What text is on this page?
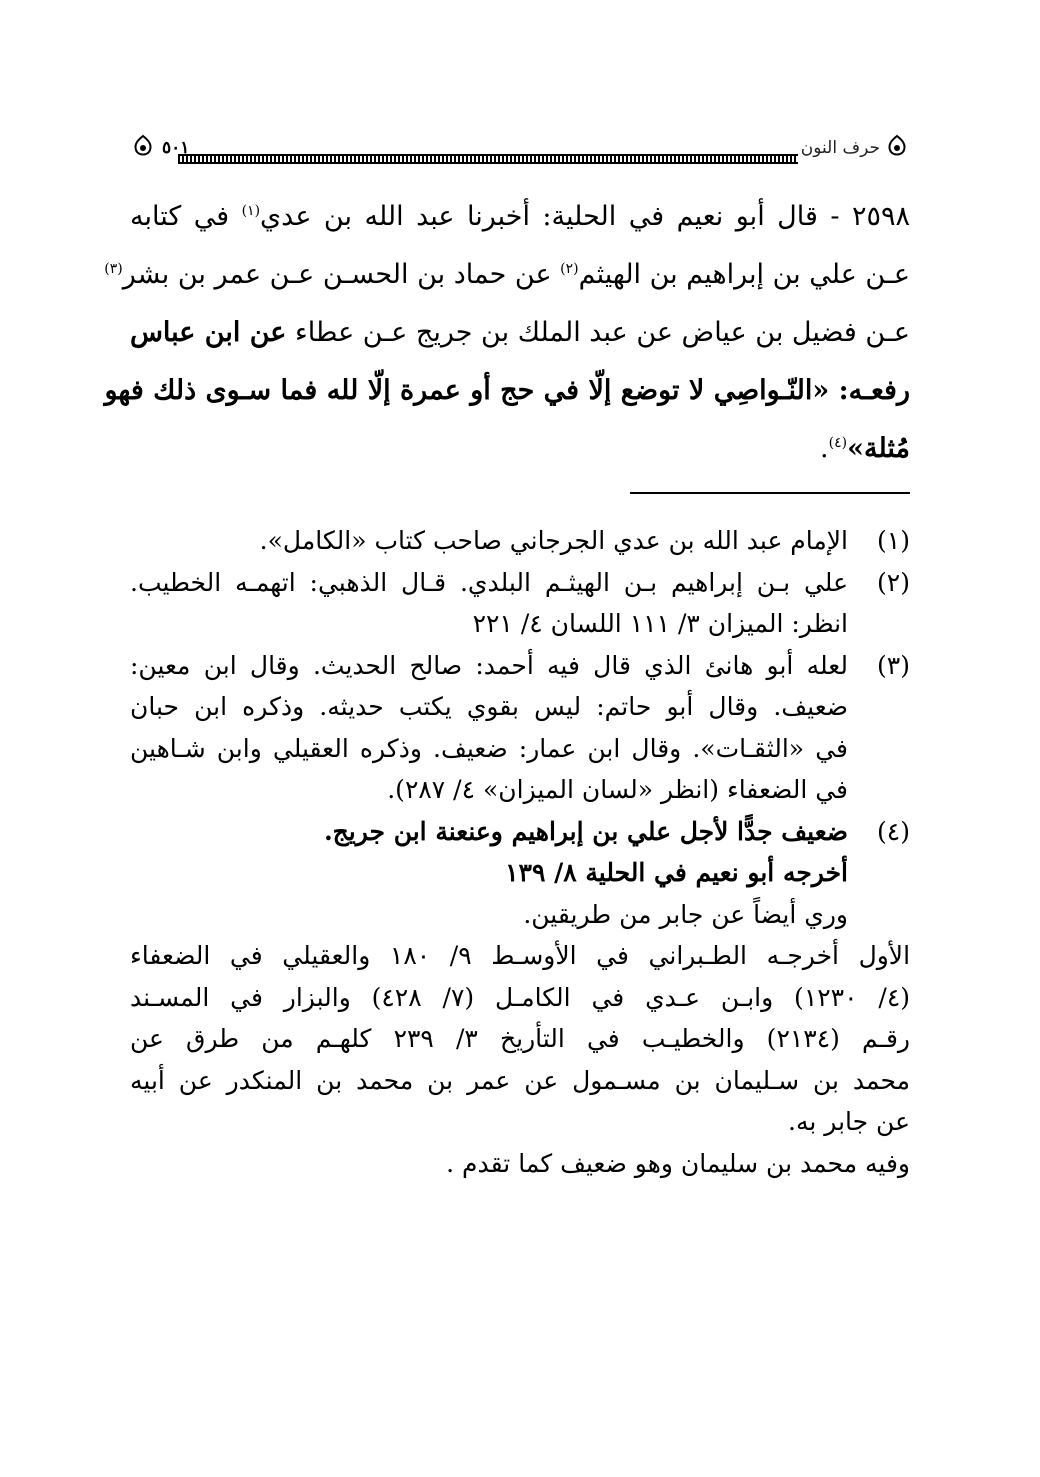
حرف النون
٥٠١
٢٥٩٨ - قال أبو نعيم في الحلية: أخبرنا عبد الله بن عدي$^{(١)}$ في كتابه
عـن علي بن إبراهيم بن الهيثم$^{(٢)}$ عن حماد بن الحسـن عـن عمر بن بشر$^{(٣)}$
عـن فضيل بن عياض عن عبد الملك بن جريج عـن عطاء عن ابن عباس
رفعـه: «النّـواصِي لا توضع إلّا في حج أو عمرة إلّا لله فما سـوى ذلك فهو
مُثلة»$^{(٤)}$.
(١)
الإمام عبد الله بن عدي الجرجاني صاحب كتاب «الكامل».
(٢)
علي بـن إبراهيم بـن الهيثـم البلدي. قـال الذهبي: اتهمـه الخطيب.
انظر: الميزان ٣/ ١١١ اللسان ٤/ ٢٢١
(٣)
لعله أبو هانئ الذي قال فيه أحمد: صالح الحديث. وقال ابن معين:
ضعيف. وقال أبو حاتم: ليس بقوي يكتب حديثه. وذكره ابن حبان
في «الثقـات». وقال ابن عمار: ضعيف. وذكره العقيلي وابن شـاهين
في الضعفاء (انظر «لسان الميزان» ٤/ ٢٨٧).
(٤)
ضعيف جدًّا لأجل علي بن إبراهيم وعنعنة ابن جريج.
أخرجه أبو نعيم في الحلية ٨/ ١٣٩
وري أيضاً عن جابر من طريقين.
الأول أخرجـه الطـبراني في الأوسـط ٩/ ١٨٠ والعقيلي في الضعفاء
(٤/ ١٢٣٠) وابـن عـدي في الكامـل (٧/ ٤٢٨) والبزار في المسـند
رقـم (٢١٣٤) والخطيـب في التأريخ ٣/ ٢٣٩ كلهـم من طرق عن
محمد بن سـليمان بن مسـمول عن عمر بن محمد بن المنكدر عن أبيه
عن جابر به.
وفيه محمد بن سليمان وهو ضعيف كما تقدم .
